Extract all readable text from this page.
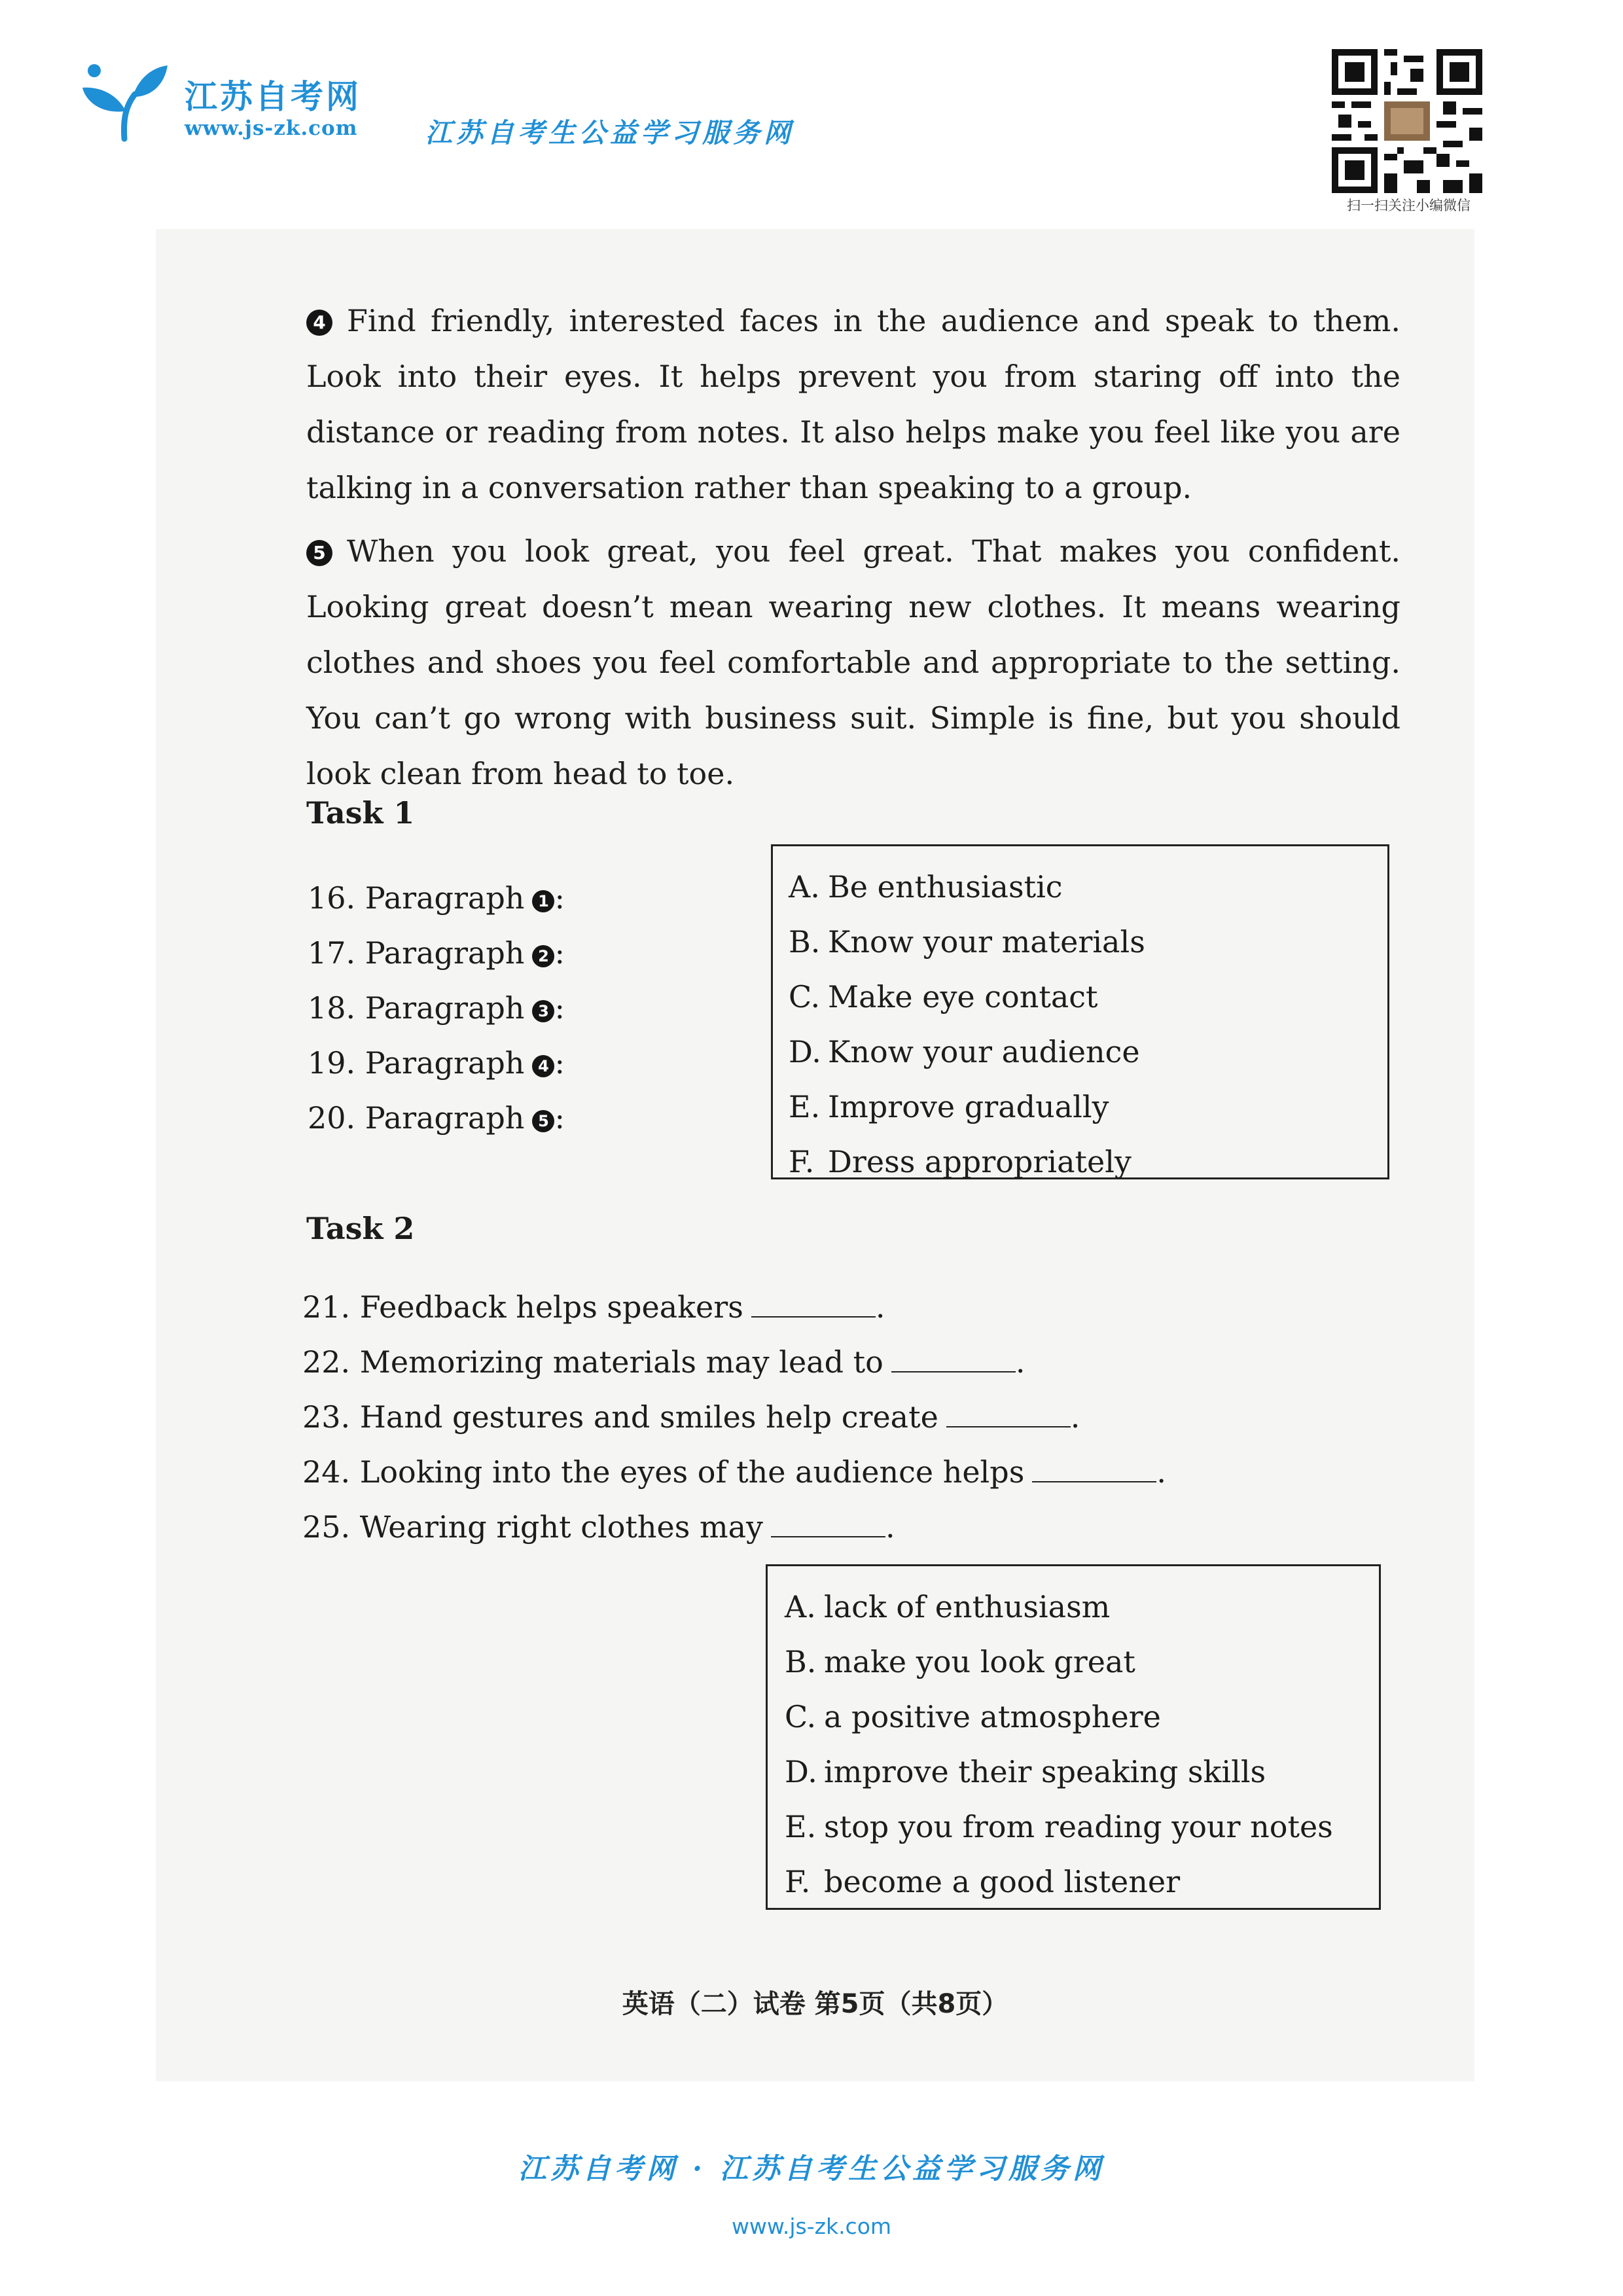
江苏自考网
www.js-zk.com	江苏自考生公益学习服务网
扫一扫关注小编微信

4 Find friendly, interested faces in the audience and speak to them. Look into their eyes. It helps prevent you from staring off into the distance or reading from notes. It also helps make you feel like you are talking in a conversation rather than speaking to a group.

5 When you look great, you feel great. That makes you confident. Looking great doesn’t mean wearing new clothes. It means wearing clothes and shoes you feel comfortable and appropriate to the setting. You can’t go wrong with business suit. Simple is fine, but you should look clean from head to toe.

Task 1
16. Paragraph 1 :
17. Paragraph 2 :
18. Paragraph 3 :
19. Paragraph 4 :
20. Paragraph 5 :
A. Be enthusiastic
B. Know your materials
C. Make eye contact
D. Know your audience
E. Improve gradually
F. Dress appropriately
Task 2
21. Feedback helps speakers	.
22. Memorizing materials may lead to	.
23. Hand gestures and smiles help create	.
24. Looking into the eyes of the audience helps	.
25. Wearing right clothes may	.
A. lack of enthusiasm
B. make you look great
C. a positive atmosphere
D. improve their speaking skills
E. stop you from reading your notes
F. become a good listener
英语（二）试卷 第5页（共8页）
江苏自考网 · 江苏自考生公益学习服务网
www.js-zk.com
